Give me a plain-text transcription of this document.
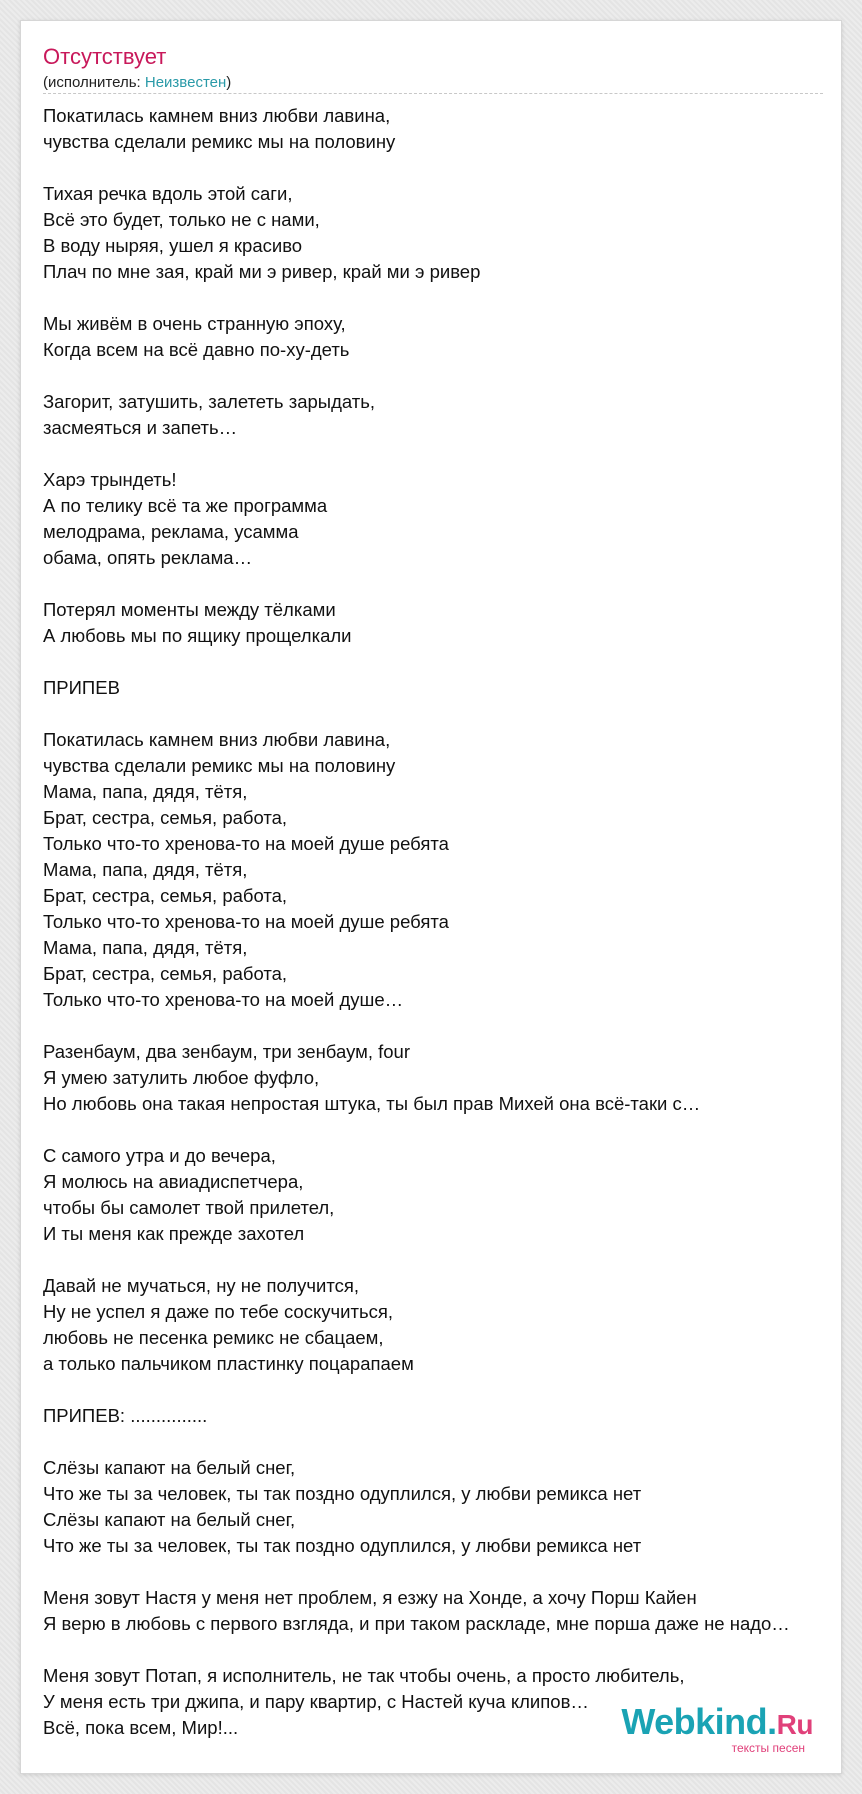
Отсутствует
(исполнитель: Неизвестен)
Покатилась камнем вниз любви лавина,
чувства сделали ремикс мы на половину

Тихая речка вдоль этой саги,
Всё это будет, только не с нами,
В воду ныряя, ушел я красиво
Плач по мне зая, край ми э ривер, край ми э ривер

Мы живём в очень странную эпоху,
Когда всем на всё давно по-ху-деть

Загорит, затушить, залететь зарыдать,
засмеяться и запеть…

Харэ трындеть!
А по телику всё та же программа
мелодрама, реклама, усамма
обама, опять реклама…

Потерял моменты между тёлками
А любовь мы по ящику прощелкали

ПРИПЕВ

Покатилась камнем вниз любви лавина,
чувства сделали ремикс мы на половину
Мама, папа, дядя, тётя,
Брат, сестра, семья, работа,
Только что-то хренова-то на моей душе ребята
Мама, папа, дядя, тётя,
Брат, сестра, семья, работа,
Только что-то хренова-то на моей душе ребята
Мама, папа, дядя, тётя,
Брат, сестра, семья, работа,
Только что-то хренова-то на моей душе…

Разенбаум, два зенбаум, три зенбаум, four
Я умею затулить любое фуфло,
Но любовь она такая непростая штука, ты был прав Михей она всё-таки с…

С самого утра и до вечера,
Я молюсь на авиадиспетчера,
чтобы бы самолет твой прилетел,
И ты меня как прежде захотел

Давай не мучаться, ну не получится,
Ну не успел я даже по тебе соскучиться,
любовь не песенка ремикс не сбацаем,
а только пальчиком пластинку поцарапаем

ПРИПЕВ: ...............

Слёзы капают на белый снег,
Что же ты за человек, ты так поздно одуплился, у любви ремикса нет
Слёзы капают на белый снег,
Что же ты за человек, ты так поздно одуплился, у любви ремикса нет

Меня зовут Настя у меня нет проблем, я езжу на Хонде, а хочу Порш Кайен
Я верю в любовь с первого взгляда, и при таком раскладе, мне порша даже не надо…

Меня зовут Потап, я исполнитель, не так чтобы очень, а просто любитель,
У меня есть три джипа, и пару квартир, с Настей куча клипов…
Всё, пока всем, Мир!...	Webkind.Ru
тексты песен
